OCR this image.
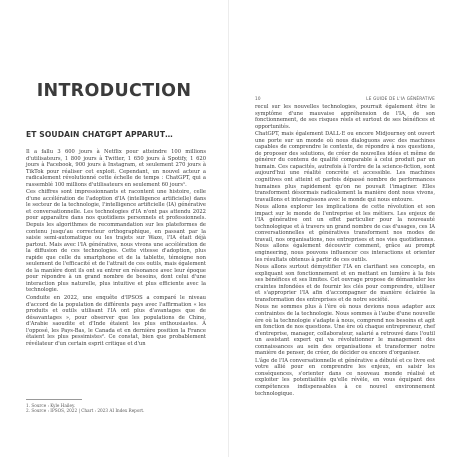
INTRODUCTION
ET SOUDAIN CHATGPT APPARUT…

Il a fallu 3 600 jours à Netflix pour atteindre 100 millions d'utilisateurs, 1 800 jours à Twitter, 1 650 jours à Spotify, 1 620 jours à Facebook, 900 jours à Instagram, et seulement 270 jours à TikTok pour réaliser cet exploit. Cependant, un nouvel acteur a radicalement révolutionné cette échelle de temps : ChatGPT, qui a rassemblé 100 millions d'utilisateurs en seulement 60 jours¹.

Ces chiffres sont impressionnants et racontent une histoire, celle d'une accélération de l'adoption d'IA (intelligence artificielle) dans le secteur de la technologie, l'intelligence artificielle (IA) générative et conversationnelle. Les technologies d'IA n'ont pas attendu 2022 pour apparaître dans nos quotidiens personnels et professionnels. Depuis les algorithmes de recommandation sur les plateformes de contenu jusqu'au correcteur orthographique, en passant par la saisie semi-automatique ou les trajets sur Waze, l'IA était déjà partout. Mais avec l'IA générative, nous vivons une accélération de la diffusion de ces technologies. Cette vitesse d'adoption, plus rapide que celle du smartphone et de la tablette, témoigne non seulement de l'efficacité et de l'attrait de ces outils, mais également de la manière dont ils ont su entrer en résonance avec leur époque pour répondre à un grand nombre de besoins, dont celui d'une interaction plus naturelle, plus intuitive et plus efficiente avec la technologie.

Conduite en 2022, une enquête d'IPSOS a comparé le niveau d'accord de la population de différents pays avec l'affirmation « les produits et outils utilisant l'IA ont plus d'avantages que de désavantages », pour observer que les populations de Chine, d'Arabie saoudite et d'Inde étaient les plus enthousiastes. À l'opposé, les Pays-Bas, le Canada et en dernière position la France étaient les plus pessimistes². Ce constat, bien que probablement révélateur d'un certain esprit critique et d'un

1. Source : Kyle Hailey.
2. Source : IPSOS, 2022 | Chart : 2023 AI Index Report.
10	LE GUIDE DE L'IA GÉNÉRATIVE

recul sur les nouvelles technologies, pourrait également être le symptôme d'une mauvaise appréhension de l'IA, de son fonctionnement, de ses risques réels et surtout de ses bénéfices et opportunités.

ChatGPT, mais également DALL·E ou encore Midjourney ont ouvert une porte sur un monde où nous dialoguons avec des machines capables de comprendre le contexte, de répondre à nos questions, de proposer des solutions, de créer de nouvelles idées et même de générer du contenu de qualité comparable à celui produit par un humain. Ces capacités, autrefois à l'ordre de la science-fiction, sont aujourd'hui une réalité concrète et accessible. Les machines cognitives ont atteint et parfois dépassé nombre de performances humaines plus rapidement qu'on ne pouvait l'imaginer. Elles transforment désormais radicalement la manière dont nous vivons, travaillons et interagissons avec le monde qui nous entoure.

Nous allons explorer les implications de cette révolution et son impact sur le monde de l'entreprise et les métiers. Les enjeux de l'IA générative ont un effet particulier pour la nouveauté technologique et à travers un grand nombre de cas d'usages, ces IA conversationnelles et génératives transforment nos modes de travail, nos organisations, nos entreprises et nos vies quotidiennes. Nous allons également découvrir comment, grâce au prompt engineering, nous pouvons influencer ces interactions et orienter les résultats obtenus à partir de ces outils.

Nous allons surtout démystifier l'IA en clarifiant ses concepts, en expliquant son fonctionnement et en mettant en lumière à la fois ses bénéfices et ses limites. Cet ouvrage propose de démanteler les craintes infondées et de fournir les clés pour comprendre, utiliser et s'approprier l'IA afin d'accompagner de manière éclairée la transformation des entreprises et de notre société.

Nous ne sommes plus à l'ère où nous devions nous adapter aux contraintes de la technologie. Nous sommes à l'aube d'une nouvelle ère où la technologie s'adapte à nous, comprend nos besoins et agit en fonction de nos questions. Une ère où chaque entrepreneur, chef d'entreprise, manager, collaborateur, salarié a retrouvé dans l'outil un assistant expert qui va révolutionner le management des connaissances au sein des organisations et transformer notre manière de penser, de créer, de décider ou encore d'organiser.

L'âge de l'IA conversationnelle et générative a débuté et ce livre est votre allié pour en comprendre les enjeux, en saisir les conséquences, s'orienter dans ce nouveau monde réalisé et exploiter les potentialités qu'elle révèle, en vous équipant des compétences indispensables à ce nouvel environnement technologique.
